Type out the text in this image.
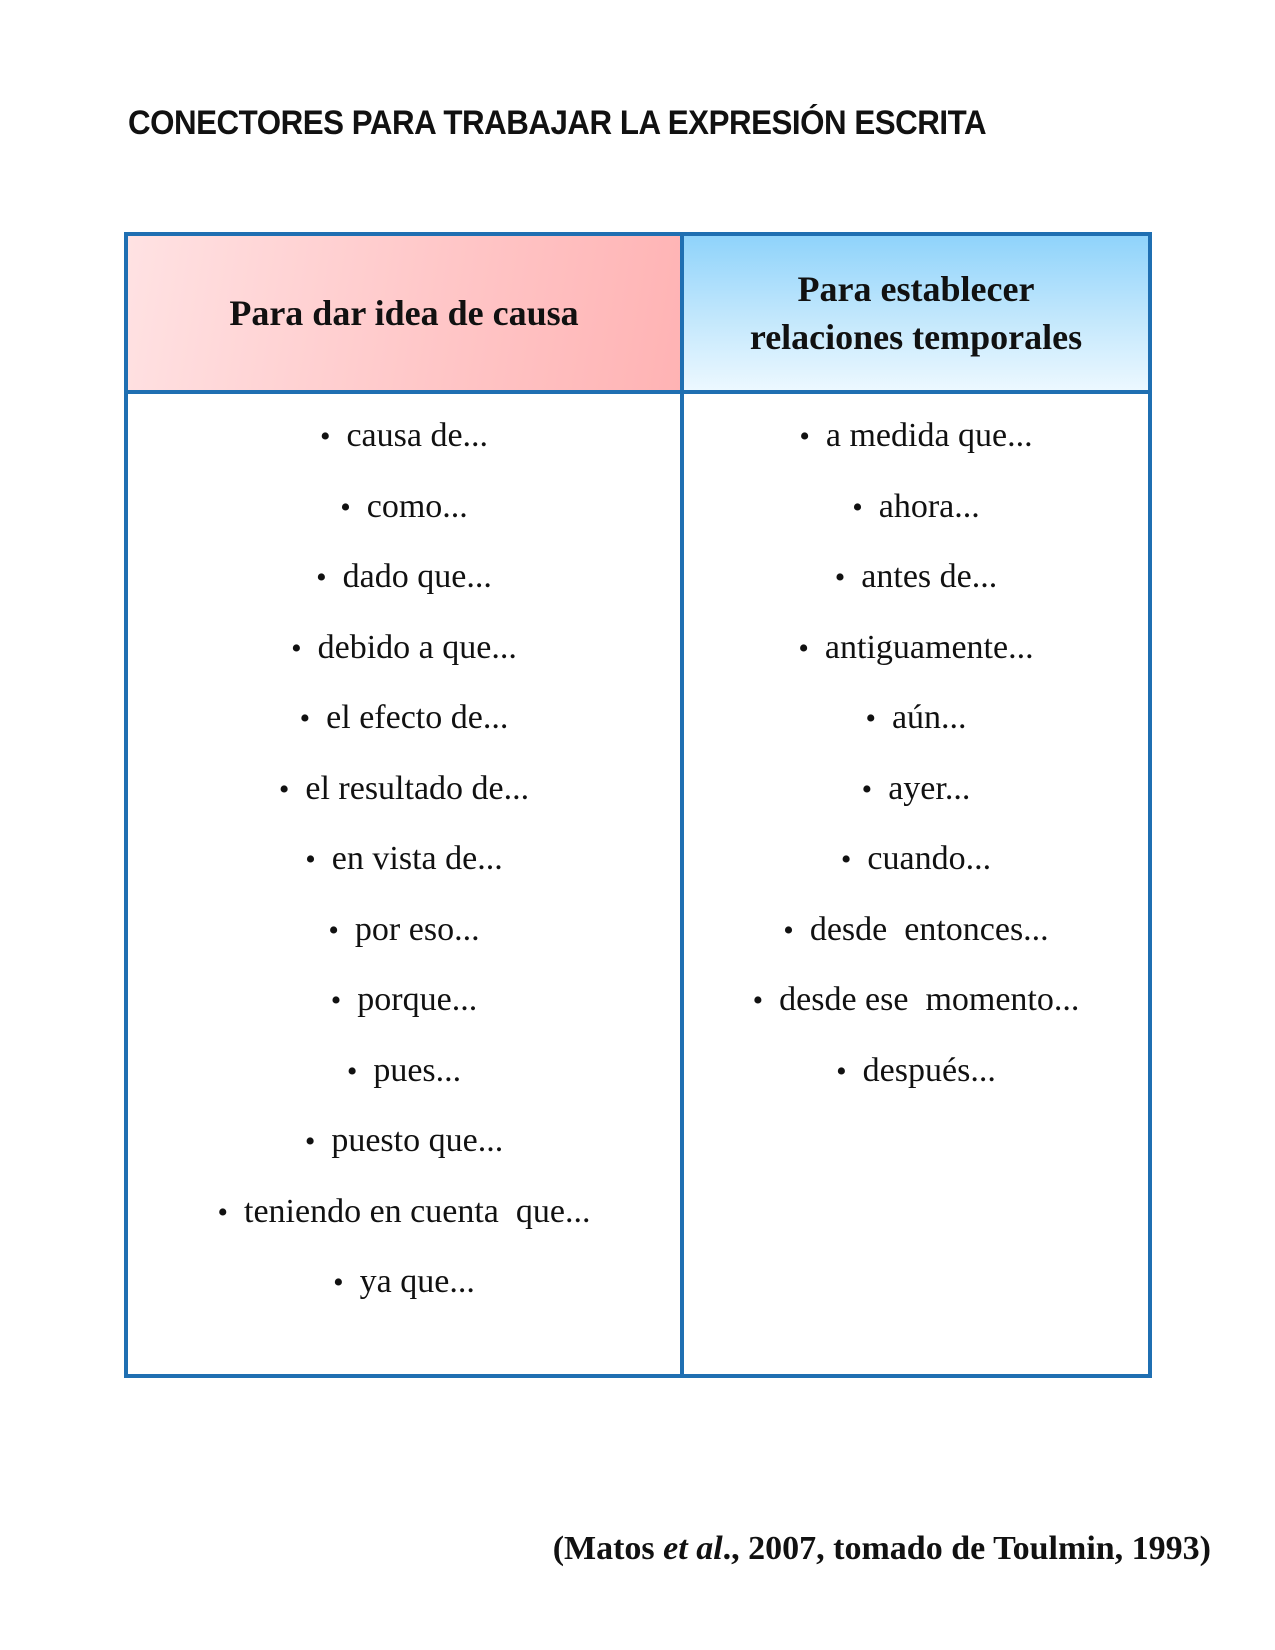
CONECTORES PARA TRABAJAR LA EXPRESIÓN ESCRITA
Para dar idea de causa
Para establecer
relaciones temporales
• causa de...
• como...
• dado que...
• debido a que...
• el efecto de...
• el resultado de...
• en vista de...
• por eso...
• porque...
• pues...
• puesto que...
• teniendo en cuenta  que...
• ya que...
• a medida que...
• ahora...
• antes de...
• antiguamente...
• aún...
• ayer...
• cuando...
• desde  entonces...
• desde ese  momento...
• después...

(Matos et al., 2007, tomado de Toulmin, 1993)
